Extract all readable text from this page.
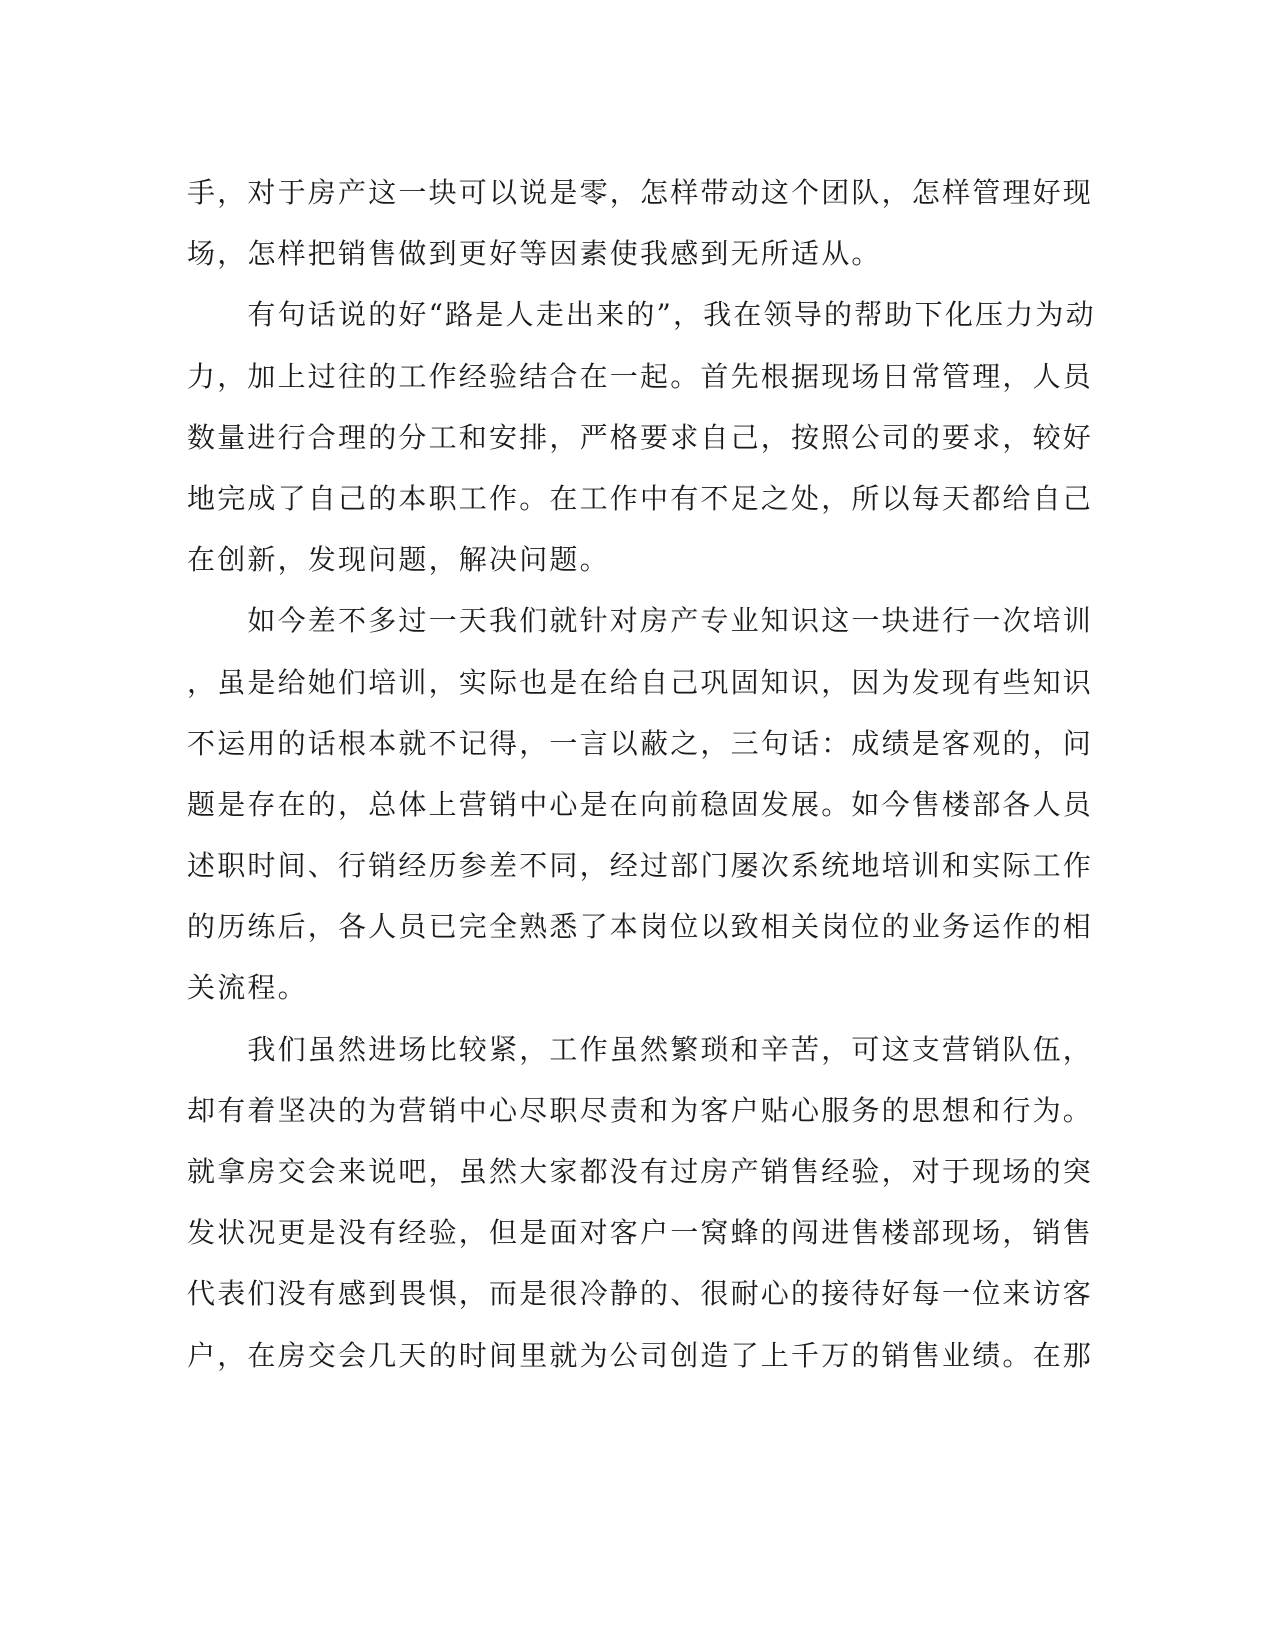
手，对于房产这一块可以说是零，怎样带动这个团队，怎样管理好现
场，怎样把销售做到更好等因素使我感到无所适从。
　　有句话说的好“路是人走出来的”，我在领导的帮助下化压力为动
力，加上过往的工作经验结合在一起。首先根据现场日常管理，人员
数量进行合理的分工和安排，严格要求自己，按照公司的要求，较好
地完成了自己的本职工作。在工作中有不足之处，所以每天都给自己
在创新，发现问题，解决问题。
　　如今差不多过一天我们就针对房产专业知识这一块进行一次培训
，虽是给她们培训，实际也是在给自己巩固知识，因为发现有些知识
不运用的话根本就不记得，一言以蔽之，三句话：成绩是客观的，问
题是存在的，总体上营销中心是在向前稳固发展。如今售楼部各人员
述职时间、行销经历参差不同，经过部门屡次系统地培训和实际工作
的历练后，各人员已完全熟悉了本岗位以致相关岗位的业务运作的相
关流程。
　　我们虽然进场比较紧，工作虽然繁琐和辛苦，可这支营销队伍，
却有着坚决的为营销中心尽职尽责和为客户贴心服务的思想和行为。
就拿房交会来说吧，虽然大家都没有过房产销售经验，对于现场的突
发状况更是没有经验，但是面对客户一窝蜂的闯进售楼部现场，销售
代表们没有感到畏惧，而是很冷静的、很耐心的接待好每一位来访客
户，在房交会几天的时间里就为公司创造了上千万的销售业绩。在那
